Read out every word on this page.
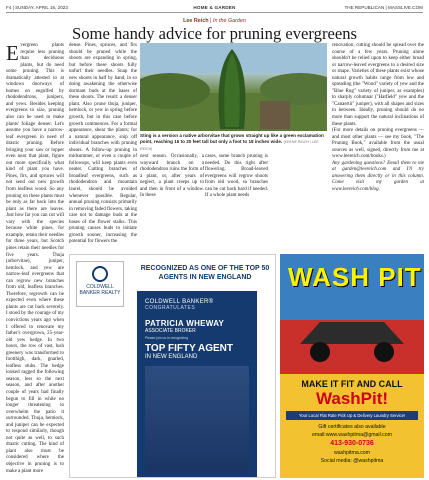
F4 | SUNDAY, APRIL 16, 2023	HOME & GARDEN	THE REPUBLICAN | MASSLIVE.COM
Lee Reich | In the Garden
Some handy advice for pruning evergreens
E vergreen plants require less pruning than deciduous plants, but do need some pruning. This is dramatically attested to at windows doorways of homes on engulfed by rhododendrons, junipers, and yews. Besides keeping evergreens to size, pruning also can be used to make plants' foliage denser. Let's assume you have a narrow-leaf evergreen in need of drastic pruning. Before bringing your saw or lopper even near that plant, figure out more specifically what kind of plant you have. Pines, firs, and spruces will not send out new growth from leafless wood. So any pruning on these plants must be only as far back into the plant as there are leaves. Just how far you can cut will vary with the species because white pines, for example, retain their needles for three years, but Scotch pines retain their needles for five years. Thuja (arborvitae), juniper, hemlock, and yew are narrow-leaf evergreens that can regrow new branches from old, leafless branches. Therefore, regrowth can be expected even where these plants are cut back severely. I stood by the courage of my convictions years ago when I offered to renovate my father's overgrown, 25-year-old yew hedge. In two hours, the row of vast, lush greenery was transformed to footthigh, dark, gnarled, leafless stubs. The hedge looked ragged the following season, less so the next season, and after another couple of years had finally begun to fill in while no longer threatening to overwhelm the patio it surrounded. Thuja, hemlock, and juniper can be expected to respond similarly, though not quite as well, to such drastic cutting. The kind of plant also must be considered where the objective in pruning is to make a plant more

dense. Pines, spruces, and firs should be pruned while the shoots are expanding in spring, but before these shoots fully unfurl their needles. Snap the new shoots in half by hand, in so doing awakening the otherwise dormant buds at the bases of these shoots. The result: a denser plant. Also prune thuja, juniper, hemlock, or yew in spring before growth, but in this case before growth commences. For a formal appearance, shear the plants; for a natural appearance, snip off individual branches with pruning shears. A follow-up pruning in midsummer, or even a couple of followups, will keep plants even neater. Cutting branches of broadleaf evergreens, such as rhododendron and mountain laurel, should be avoided whenever possible. Regular, annual pruning consists primarily in removing faded flowers, taking care not to damage buds at the bases of the flower stalks. This pruning causes buds to initiate growth sooner, increasing the potential for flowers the

Sting is a version a native arborvitae that grows straight up like a green exclamation point, reaching 15 to 20 feet tall but only a foot to 18 inches wide. (KEENE REICH / LEE REICH)

next season. Occasionally, a wayward branch on a rhododendron ruins the form of a plant, or, after years of neglect, a plant creeps up to and then in front of a window. In these

cases, some branch pruning is needed. Do this right after flowering. Broad-leaved evergreens will regrow shoots from old wood, so branches can be cut back hard if needed. If a whole plant needs

renovation, cutting should be spread over the course of a few years. Pruning alone shouldn't be relied upon to keep either broad or narrow-leaved evergreens to a desired size or shape. Varieties of these plants exist whose natural growth habits range from low and spreading (the "Wood" variety of yew and the "Blue Rug" variety of juniper, as examples) to sharply columnar ("Hatfield" yew and the "Canaertii" juniper), with all shapes and sizes in between. Ideally, pruning should do no more than support the natural inclinations of these plants.

(For more details on pruning evergreens — and most other plants — see my book, "The Pruning Book," available from the usual sources as well, signed, directly from me at www.leereich.com/books.)

Any gardening questions? Email them to me at garden@leereich.com and I'll try answering them directly or in this column. Come visit my garden at www.leereich.com/blog.

COLDWELL BANKER REALTY
RECOGNIZED AS ONE OF THE TOP 50 AGENTS IN NEW ENGLAND
COLDWELL BANKER®
CONGRATULATES
PATRICIA WHEWAY
ASSOCIATE BROKER
Please join us in recognizing
TOP FIFTY AGENT
IN NEW ENGLAND
WASH PIT
MAKE IT FIT AND CALL
WashPit!
Your Local Flat Rate Pick Up & Delivery Laundry Service!
Gift certificates also available
email:www.washpitma@gmail.com
413-930-0736
washpitma.com
Social media: @washpitma
